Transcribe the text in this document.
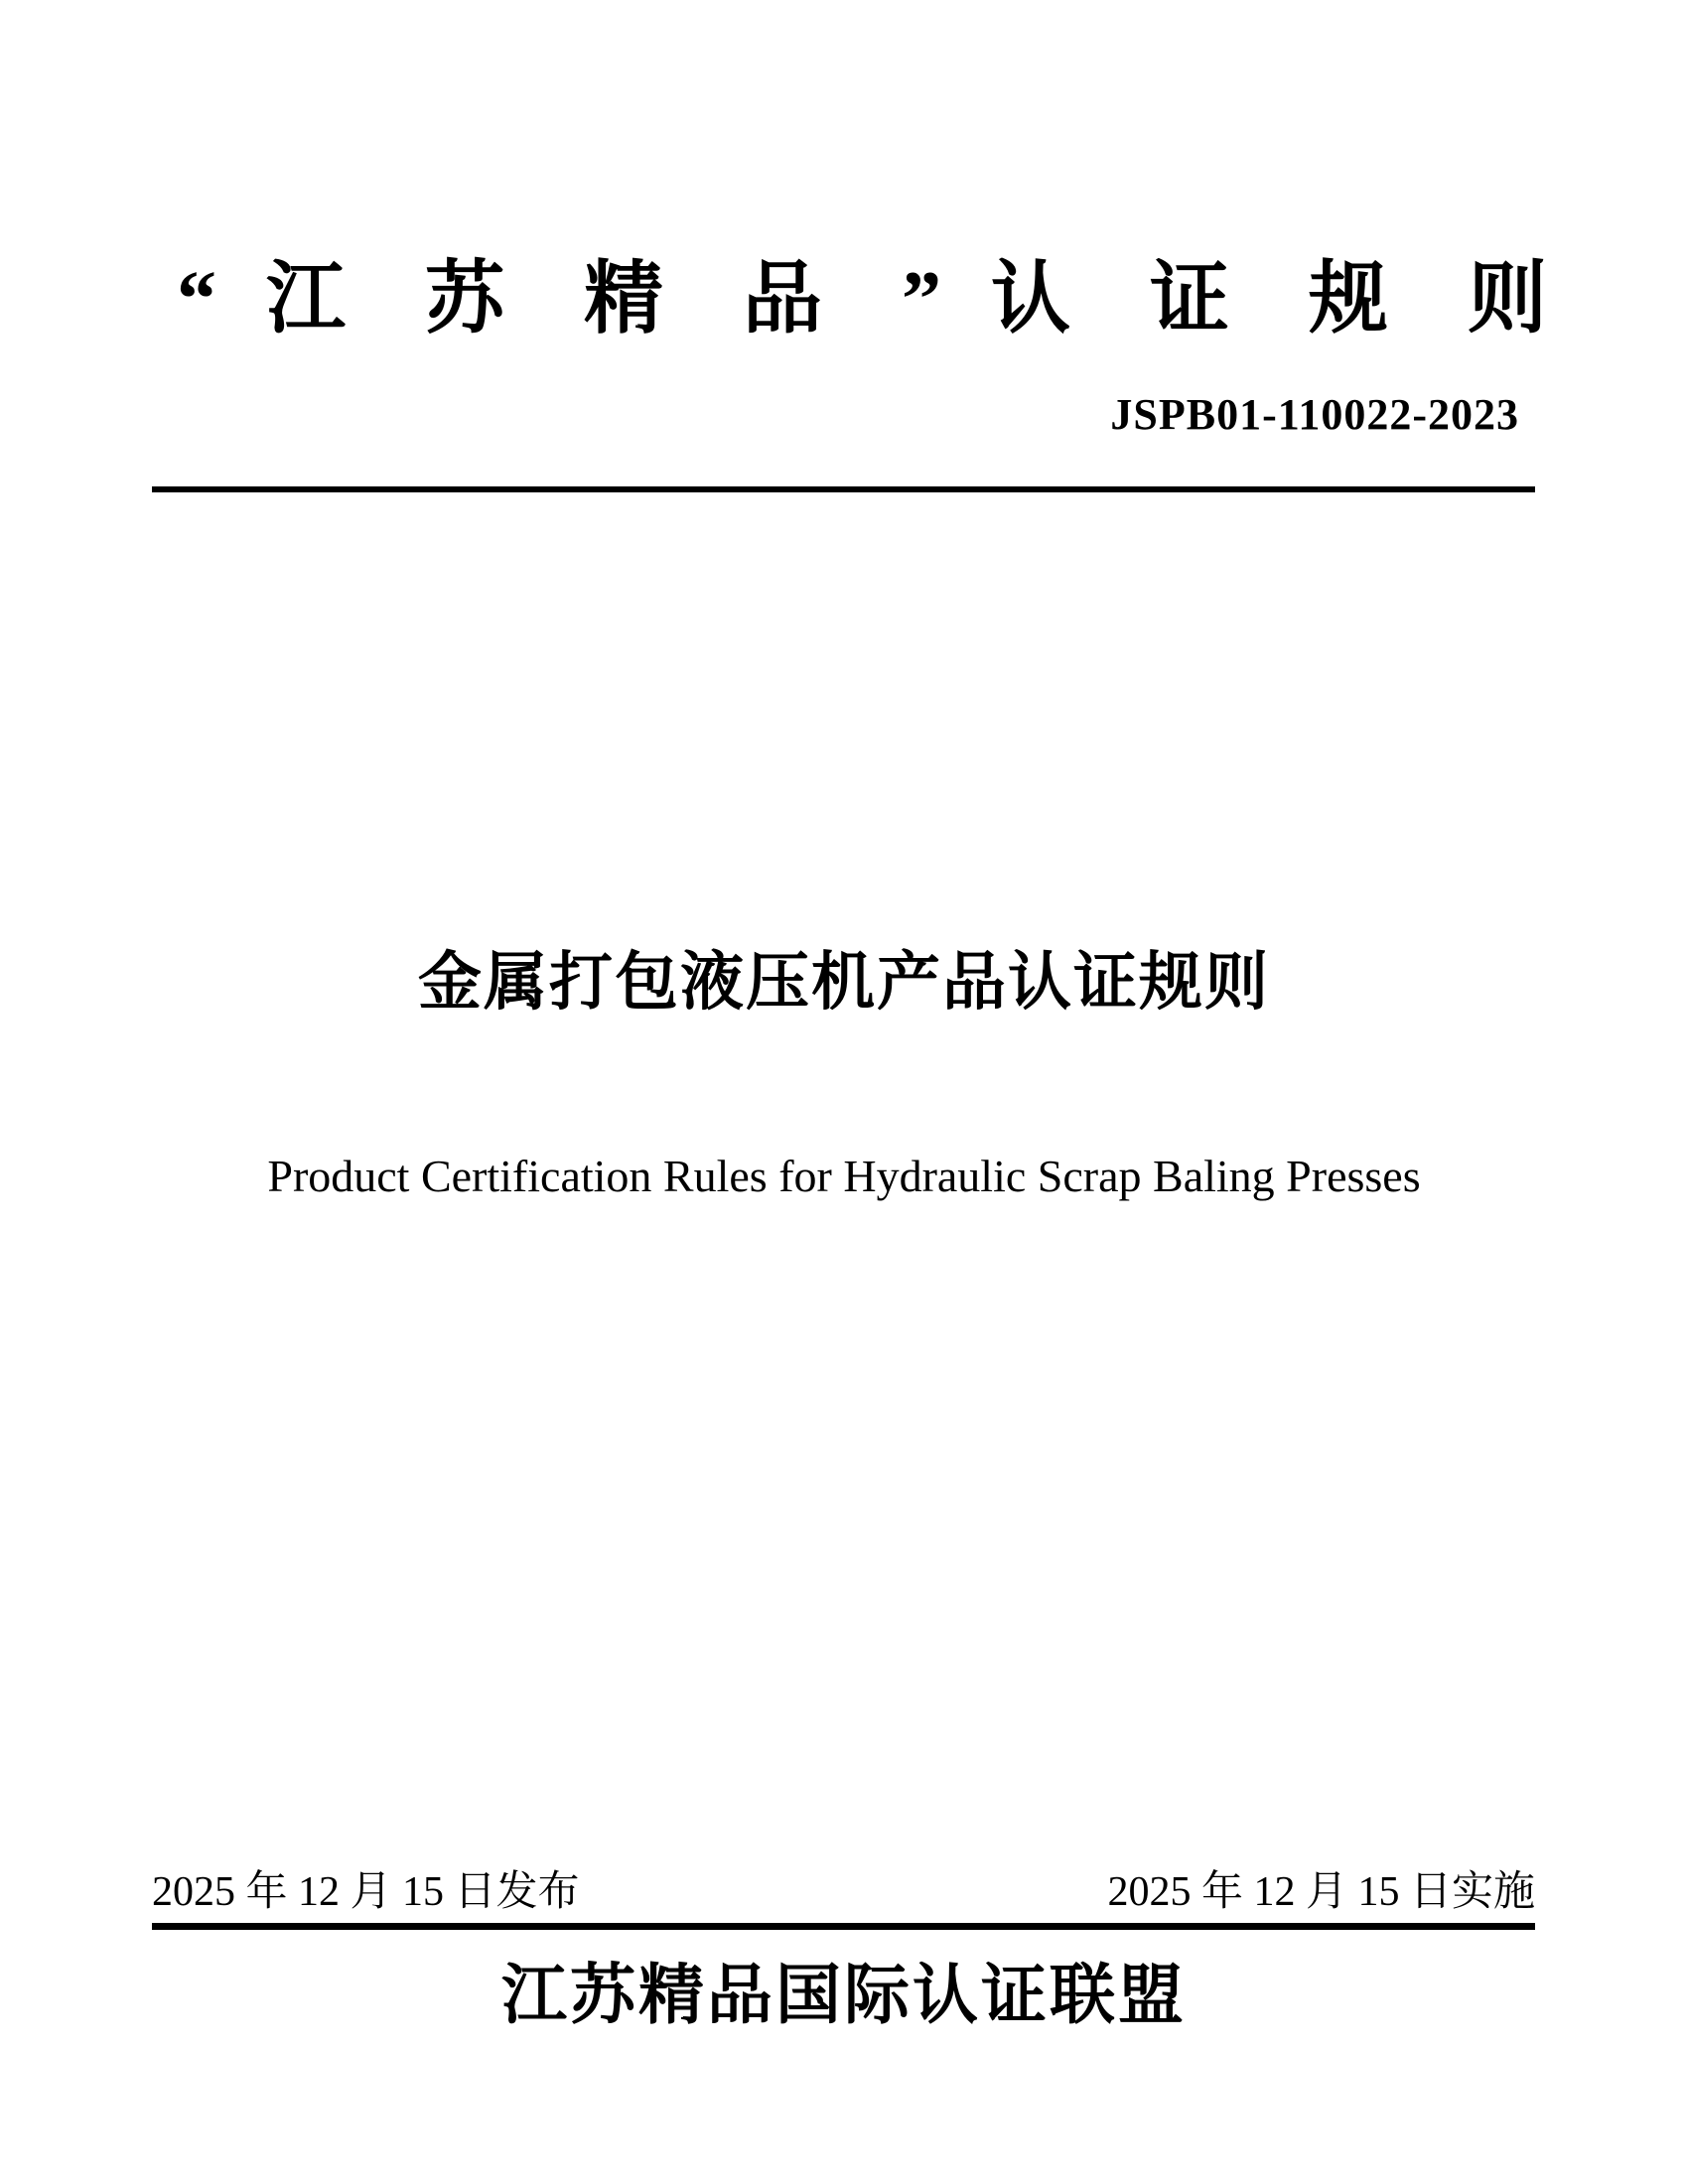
“ 江 苏 精 品 ” 认 证 规 则
JSPB01-110022-2023
金属打包液压机产品认证规则
Product Certification Rules for Hydraulic Scrap Baling Presses
2025 年 12 月 15 日发布	2025 年 12 月 15 日实施
江苏精品国际认证联盟
